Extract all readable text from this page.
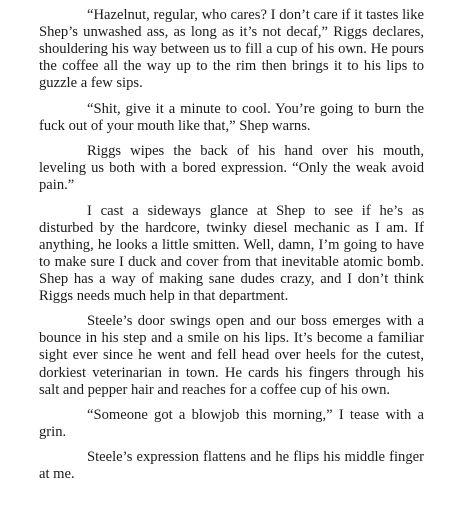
“Hazelnut, regular, who cares? I don’t care if it tastes like Shep’s unwashed ass, as long as it’s not decaf,” Riggs declares, shouldering his way between us to fill a cup of his own. He pours the coffee all the way up to the rim then brings it to his lips to guzzle a few sips.

“Shit, give it a minute to cool. You’re going to burn the fuck out of your mouth like that,” Shep warns.

Riggs wipes the back of his hand over his mouth, leveling us both with a bored expression. “Only the weak avoid pain.”

I cast a sideways glance at Shep to see if he’s as disturbed by the hardcore, twinky diesel mechanic as I am. If anything, he looks a little smitten. Well, damn, I’m going to have to make sure I duck and cover from that inevitable atomic bomb. Shep has a way of making sane dudes crazy, and I don’t think Riggs needs much help in that department.

Steele’s door swings open and our boss emerges with a bounce in his step and a smile on his lips. It’s become a familiar sight ever since he went and fell head over heels for the cutest, dorkiest veterinarian in town. He cards his fingers through his salt and pepper hair and reaches for a coffee cup of his own.

“Someone got a blowjob this morning,” I tease with a grin.

Steele’s expression flattens and he flips his middle finger at me.
